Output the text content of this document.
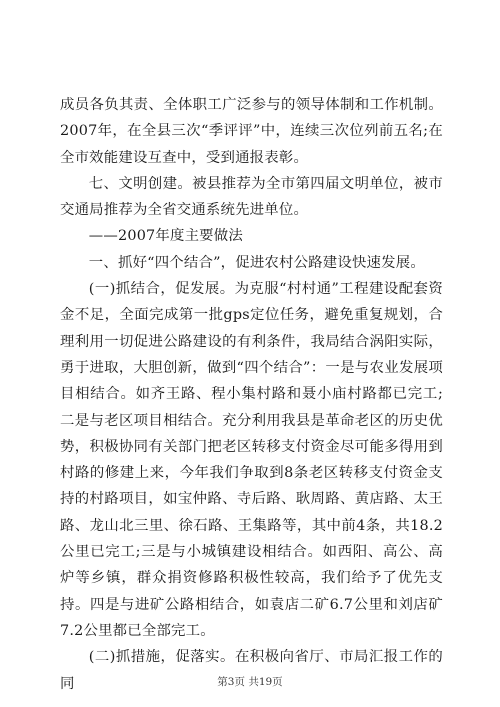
成员各负其责、全体职工广泛参与的领导体制和工作机制。2007年，在全县三次“季评评”中，连续三次位列前五名;在全市效能建设互查中，受到通报表彰。

七、文明创建。被县推荐为全市第四届文明单位，被市交通局推荐为全省交通系统先进单位。

——2007年度主要做法

一、抓好“四个结合”，促进农村公路建设快速发展。

(一)抓结合，促发展。为克服“村村通”工程建设配套资金不足，全面完成第一批gps定位任务，避免重复规划，合理利用一切促进公路建设的有利条件，我局结合涡阳实际，勇于进取，大胆创新，做到“四个结合”：一是与农业发展项目相结合。如齐王路、程小集村路和聂小庙村路都已完工;二是与老区项目相结合。充分利用我县是革命老区的历史优势，积极协同有关部门把老区转移支付资金尽可能多得用到村路的修建上来，今年我们争取到8条老区转移支付资金支持的村路项目，如宝仲路、寺后路、耿周路、黄店路、太王路、龙山北三里、徐石路、王集路等，其中前4条，共18.2公里已完工;三是与小城镇建设相结合。如西阳、高公、高炉等乡镇，群众捐资修路积极性较高，我们给予了优先支持。四是与进矿公路相结合，如袁店二矿6.7公里和刘店矿7.2公里都已全部完工。

(二)抓措施，促落实。在积极向省厅、市局汇报工作的同	第3页 共19页
